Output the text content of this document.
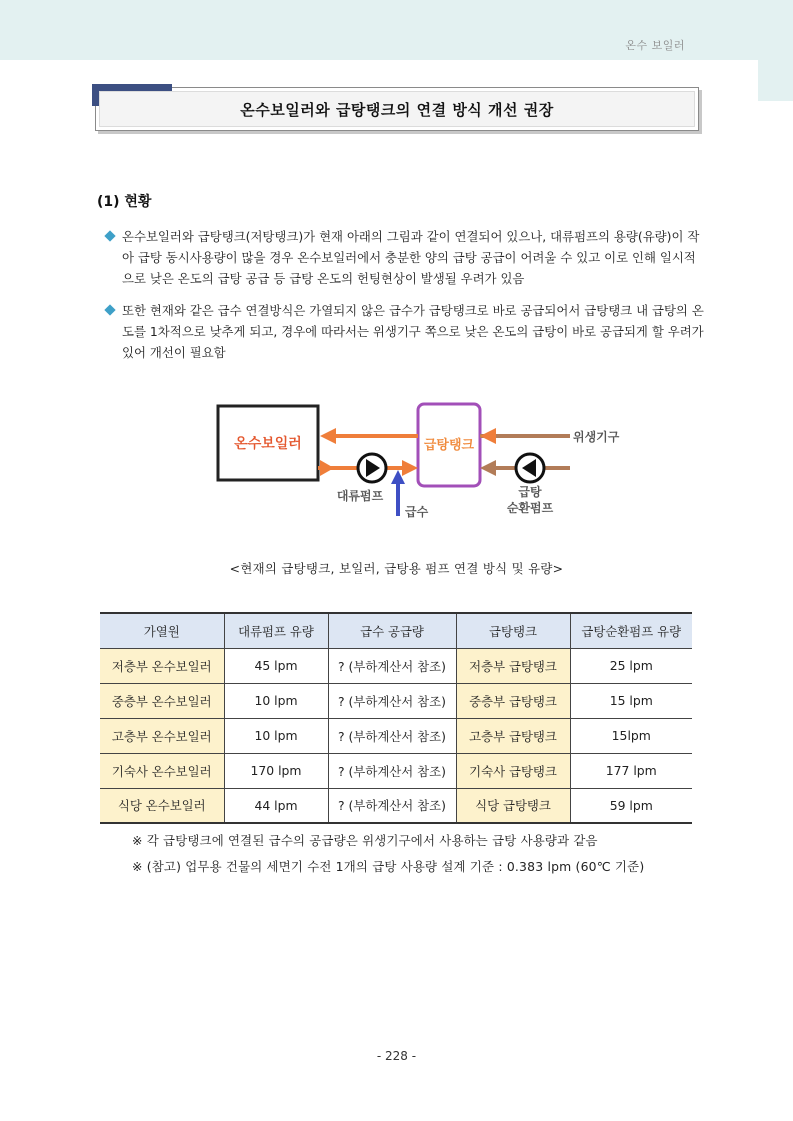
온수 보일러
온수보일러와 급탕탱크의 연결 방식 개선 권장
(1) 현황
온수보일러와 급탕탱크(저탕탱크)가 현재 아래의 그림과 같이 연결되어 있으나, 대류펌프의 용량(유량)이 작아 급탕 동시사용량이 많을 경우 온수보일러에서 충분한 양의 급탕 공급이 어려울 수 있고 이로 인해 일시적으로 낮은 온도의 급탕 공급 등 급탕 온도의 헌팅현상이 발생될 우려가 있음
또한 현재와 같은 급수 연결방식은 가열되지 않은 급수가 급탕탱크로 바로 공급되어서 급탕탱크 내 급탕의 온도를 1차적으로 낮추게 되고, 경우에 따라서는 위생기구 쪽으로 낮은 온도의 급탕이 바로 공급되게 할 우려가 있어 개선이 필요함
온수보일러	급탕탱크
위생기구
대류펌프
급수
급탕
순환펌프
<현재의 급탕탱크, 보일러, 급탕용 펌프 연결 방식 및 유량>
가열원	대류펌프 유량	급수 공급량	급탕탱크	급탕순환펌프 유량
저층부 온수보일러	45 lpm	? (부하계산서 참조)	저층부 급탕탱크	25 lpm
중층부 온수보일러	10 lpm	? (부하계산서 참조)	중층부 급탕탱크	15 lpm
고층부 온수보일러	10 lpm	? (부하계산서 참조)	고층부 급탕탱크	15lpm
기숙사 온수보일러	170 lpm	? (부하계산서 참조)	기숙사 급탕탱크	177 lpm
식당 온수보일러	44 lpm	? (부하계산서 참조)	식당 급탕탱크	59 lpm
※ 각 급탕탱크에 연결된 급수의 공급량은 위생기구에서 사용하는 급탕 사용량과 같음
※ (참고) 업무용 건물의 세면기 수전 1개의 급탕 사용량 설계 기준 : 0.383 lpm (60℃ 기준)
- 228 -
